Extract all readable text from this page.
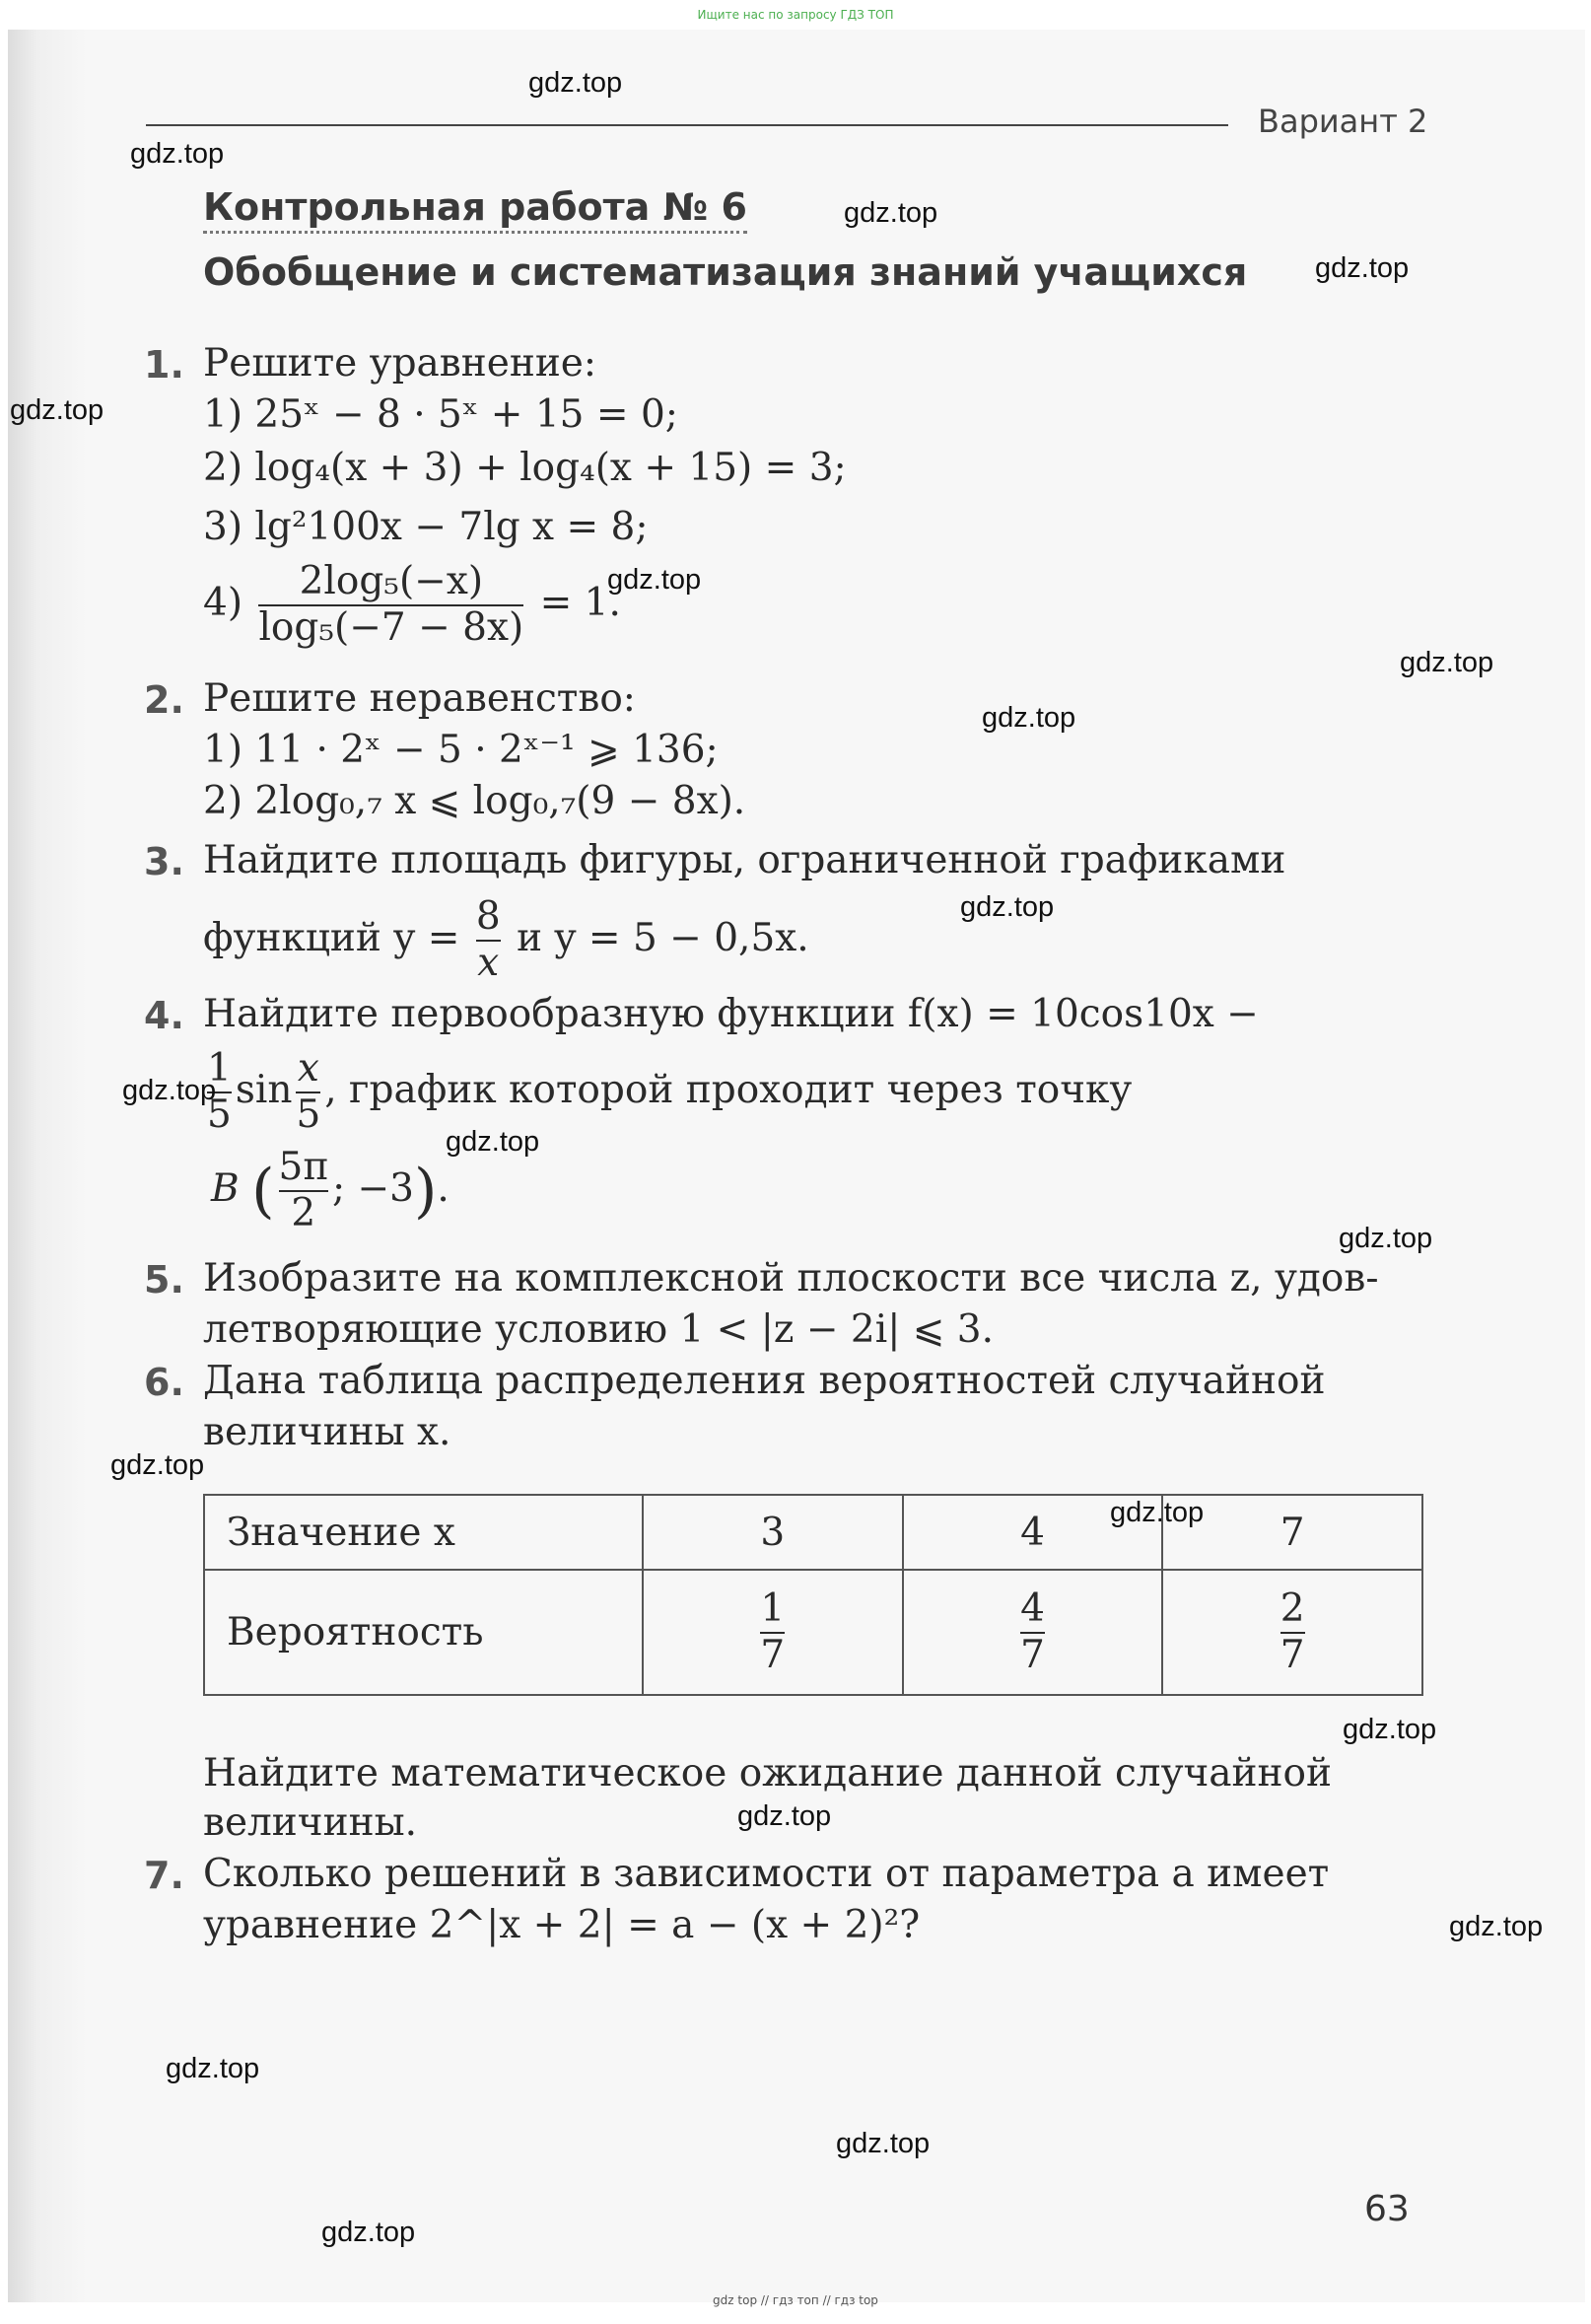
Ищите нас по запросу ГДЗ ТОП
Вариант 2
Контрольная работа № 6
Обобщение и систематизация знаний учащихся
1. Решите уравнение:
1) 25ˣ − 8 · 5ˣ + 15 = 0;
2) log₄(x + 3) + log₄(x + 15) = 3;
3) lg²100x − 7lg x = 8;
$4) \frac{\text{2log₅(−x)}}{\text{log₅(−7 − 8x)}} = 1$.
2. Решите неравенство:
1) 11 · 2ˣ − 5 · 2ˣ⁻¹ ⩾ 136;
2) 2log₀,₇ x ⩽ log₀,₇(9 − 8x).
3. Найдите площадь фигуры, ограниченной графиками
функций $y = \frac{8}{x}$ и y = 5 − 0,5x.
4. Найдите первообразную функции f(x) = 10cos10x −
$\frac{1}{5}$ $\sin \frac{x}{5}$ , график которой проходит через точку
B ( $\frac{5\pi}{2}$ ; −3).
5. Изобразите на комплексной плоскости все числа z, удов-
летворяющие условию 1 < |z − 2i| ⩽ 3.
6. Дана таблица распределения вероятностей случайной
величины x.
Значение x	3	4	7
Вероятность	$\frac{1}{7}$	$\frac{4}{7}$	$\frac{2}{7}$
Найдите математическое ожидание данной случайной
величины.
7. Сколько решений в зависимости от параметра a имеет
уравнение 2^|x + 2| = a − (x + 2)²?
63
gdz.top
gdz.top
gdz.top
gdz.top
gdz.top
gdz.top
gdz.top
gdz.top
gdz.top
gdz.top
gdz.top
gdz.top
gdz.top
gdz.top
gdz.top
gdz.top
gdz.top
gdz.top
gdz.top
gdz.top
gdz top // гдз топ // гдз top
